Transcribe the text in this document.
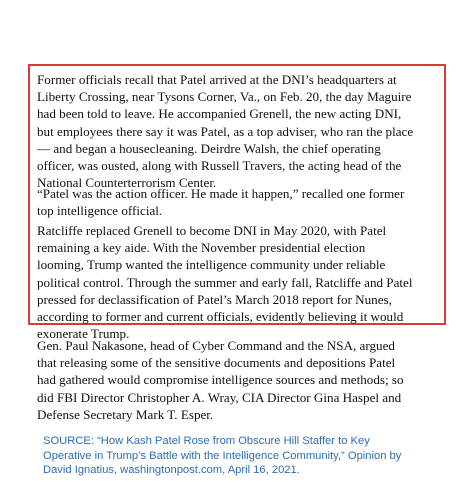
Former officials recall that Patel arrived at the DNI’s headquarters at
Liberty Crossing, near Tysons Corner, Va., on Feb. 20, the day Maguire
had been told to leave. He accompanied Grenell, the new acting DNI,
but employees there say it was Patel, as a top adviser, who ran the place
— and began a housecleaning. Deirdre Walsh, the chief operating
officer, was ousted, along with Russell Travers, the acting head of the
National Counterterrorism Center.

“Patel was the action officer. He made it happen,” recalled one former
top intelligence official.

Ratcliffe replaced Grenell to become DNI in May 2020, with Patel
remaining a key aide. With the November presidential election
looming, Trump wanted the intelligence community under reliable
political control. Through the summer and early fall, Ratcliffe and Patel
pressed for declassification of Patel’s March 2018 report for Nunes,
according to former and current officials, evidently believing it would
exonerate Trump.

Gen. Paul Nakasone, head of Cyber Command and the NSA, argued
that releasing some of the sensitive documents and depositions Patel
had gathered would compromise intelligence sources and methods; so
did FBI Director Christopher A. Wray, CIA Director Gina Haspel and
Defense Secretary Mark T. Esper.

SOURCE: “How Kash Patel Rose from Obscure Hill Staffer to Key
Operative in Trump’s Battle with the Intelligence Community,” Opinion by
David Ignatius, washingtonpost.com, April 16, 2021.
